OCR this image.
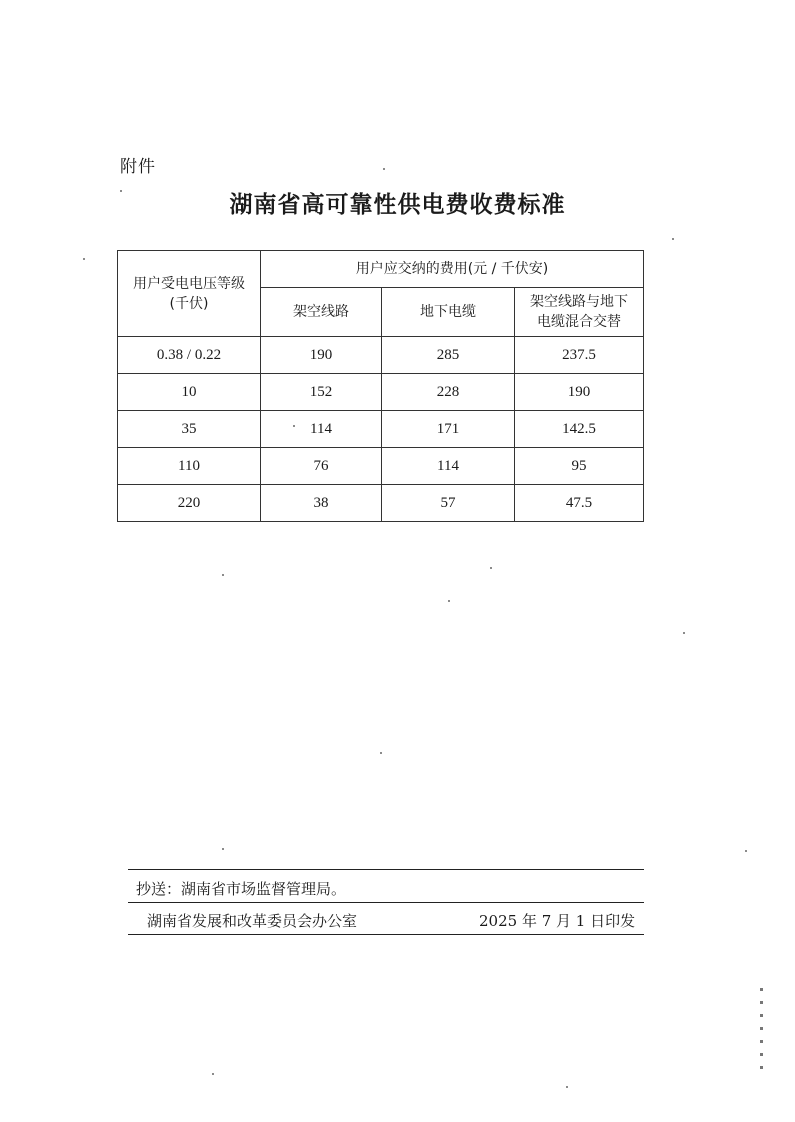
附件
湖南省高可靠性供电费收费标准
用户受电电压等级(千伏)	用户应交纳的费用(元 / 千伏安)		
	架空线路	地下电缆	架空线路与地下电缆混合交替
0.38 / 0.22	190	285	237.5
10	152	228	190
35	114	171	142.5
110	76	114	95
220	38	57	47.5
抄送：湖南省市场监督管理局。
湖南省发展和改革委员会办公室	2025 年 7 月 1 日印发
